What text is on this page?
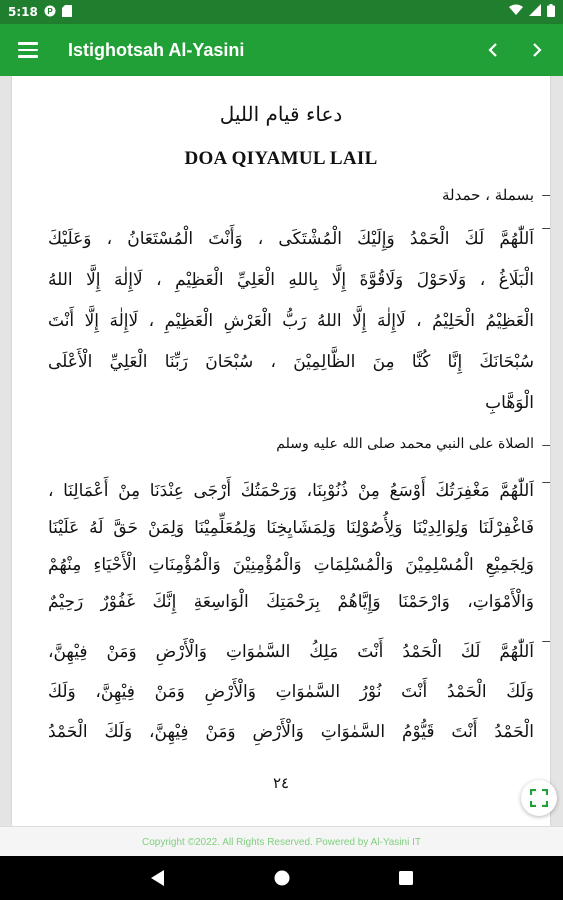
5:18 P
Istighotsah Al-Yasini
دعاء قيام الليل
DOA QIYAMUL LAIL
–
بسملة ، حمدلة
–
اَللّٰهُمَّ لَكَ الْحَمْدُ وَإِلَيْكَ الْمُشْتَكَى ، وَأَنْتَ الْمُسْتَعَانُ ، وَعَلَيْكَ
الْبَلَاغُ ، وَلَاحَوْلَ وَلَاقُوَّةَ إِلَّا بِاللهِ الْعَلِيِّ الْعَظِيْمِ ، لَاإِلٰهَ إِلَّا اللهُ
الْعَظِيْمُ الْحَلِيْمُ ، لَاإِلٰهَ إِلَّا اللهُ رَبُّ الْعَرْشِ الْعَظِيْمِ ، لَاإِلٰهَ إِلَّا أَنْتَ
سُبْحَانَكَ إِنَّا كُنَّا مِنَ الظَّالِمِيْنَ ، سُبْحَانَ رَبِّنَا الْعَلِيِّ الْأَعْلَى
الْوَهَّابِ
–
الصلاة على النبي محمد صلى الله عليه وسلم
–
اَللّٰهُمَّ مَغْفِرَتُكَ أَوْسَعُ مِنْ ذُنُوْبِنَا، وَرَحْمَتُكَ أَرْجَى عِنْدَنَا مِنْ أَعْمَالِنَا ،
فَاغْفِرْلَنَا وَلِوَالِدِيْنَا وَلِأُصُوْلِنَا وَلِمَشَايِخِنَا وَلِمُعَلِّمِيْنَا وَلِمَنْ حَقَّ لَهُ عَلَيْنَا
وَلِجَمِيْعِ الْمُسْلِمِيْنَ وَالْمُسْلِمَاتِ وَالْمُؤْمِنِيْنَ وَالْمُؤْمِنَاتِ الْأَحْيَاءِ مِنْهُمْ
وَالْأَمْوَاتِ، وَارْحَمْنَا وَإِيَّاهُمْ بِرَحْمَتِكَ الْوَاسِعَةِ إِنَّكَ غَفُوْرٌ رَحِيْمٌ
–
اَللّٰهُمَّ لَكَ الْحَمْدُ أَنْتَ مَلِكُ السَّمٰوَاتِ وَالْأَرْضِ وَمَنْ فِيْهِنَّ،
وَلَكَ الْحَمْدُ أَنْتَ نُوْرُ السَّمٰوَاتِ وَالْأَرْضِ وَمَنْ فِيْهِنَّ، وَلَكَ
الْحَمْدُ أَنْتَ قَيُّوْمُ السَّمٰوَاتِ وَالْأَرْضِ وَمَنْ فِيْهِنَّ، وَلَكَ الْحَمْدُ
٢٤
Copyright ©2022. All Rights Reserved. Powered by Al-Yasini IT
